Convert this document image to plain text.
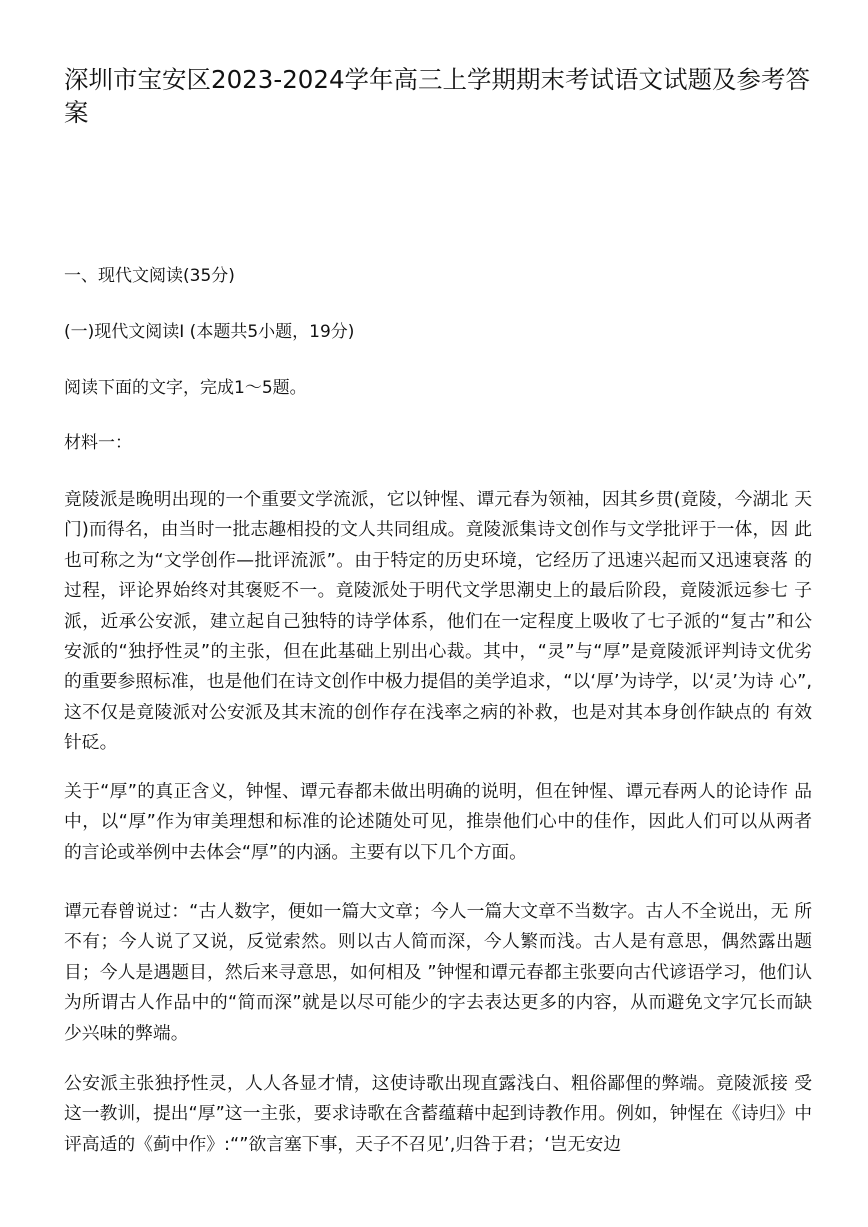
深圳市宝安区2023-2024学年高三上学期期末考试语文试题及参考答案

一、现代文阅读(35分)

(一)现代文阅读I (本题共5小题，19分)

阅读下面的文字，完成1～5题。

材料一：

竟陵派是晚明出现的一个重要文学流派，它以钟惺、谭元春为领袖，因其乡贯(竟陵，今湖北 天门)而得名，由当时一批志趣相投的文人共同组成。竟陵派集诗文创作与文学批评于一体，因 此也可称之为“文学创作—批评流派”。由于特定的历史环境，它经历了迅速兴起而又迅速衰落 的过程，评论界始终对其褒贬不一。竟陵派处于明代文学思潮史上的最后阶段，竟陵派远参七 子派，近承公安派，建立起自己独特的诗学体系，他们在一定程度上吸收了七子派的“复古”和公 安派的“独抒性灵”的主张，但在此基础上别出心裁。其中，“灵”与“厚”是竟陵派评判诗文优劣 的重要参照标准，也是他们在诗文创作中极力提倡的美学追求，“以‘厚’为诗学，以‘灵’为诗 心”,这不仅是竟陵派对公安派及其末流的创作存在浅率之病的补救，也是对其本身创作缺点的 有效针砭。

关于“厚”的真正含义，钟惺、谭元春都未做出明确的说明，但在钟惺、谭元春两人的论诗作 品中，以“厚”作为审美理想和标准的论述随处可见，推崇他们心中的佳作，因此人们可以从两者 的言论或举例中去体会“厚”的内涵。主要有以下几个方面。

谭元春曾说过：“古人数字，便如一篇大文章；今人一篇大文章不当数字。古人不全说出，无 所不有；今人说了又说，反觉索然。则以古人简而深，今人繁而浅。古人是有意思，偶然露出题 目；今人是遇题目，然后来寻意思，如何相及 ”钟惺和谭元春都主张要向古代谚语学习，他们认 为所谓古人作品中的“简而深”就是以尽可能少的字去表达更多的内容，从而避免文字冗长而缺 少兴味的弊端。

公安派主张独抒性灵，人人各显才情，这使诗歌出现直露浅白、粗俗鄙俚的弊端。竟陵派接 受这一教训，提出“厚”这一主张，要求诗歌在含蓄蕴藉中起到诗教作用。例如，钟惺在《诗归》中 评高适的《蓟中作》:“”欲言塞下事，天子不召见’,归咎于君；‘岂无安边
